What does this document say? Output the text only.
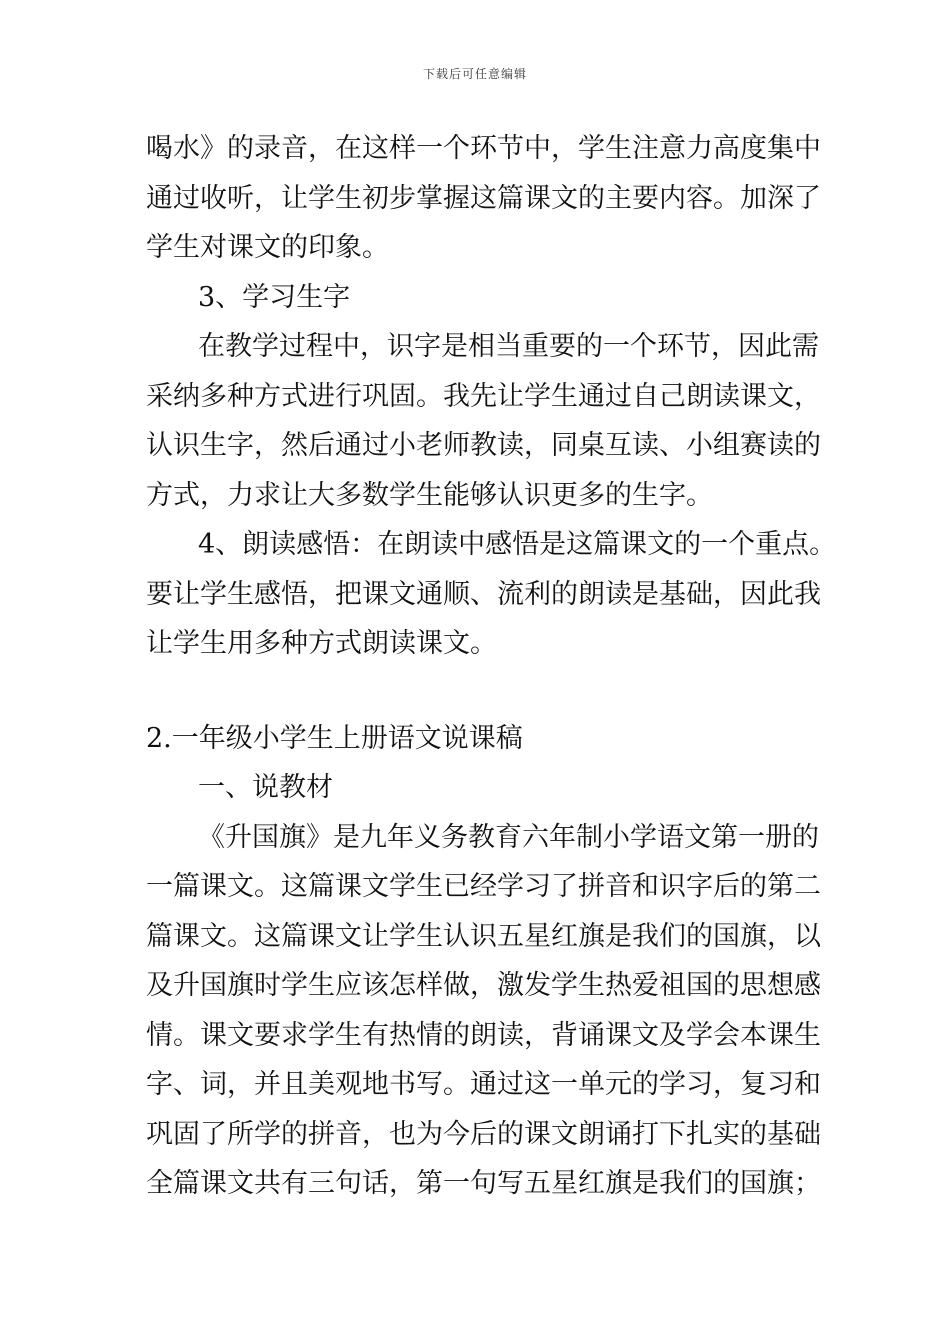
下载后可任意编辑
喝水》的录音，在这样一个环节中，学生注意力高度集中
通过收听，让学生初步掌握这篇课文的主要内容。加深了
学生对课文的印象。
3、学习生字
在教学过程中，识字是相当重要的一个环节，因此需
采纳多种方式进行巩固。我先让学生通过自己朗读课文，
认识生字，然后通过小老师教读，同桌互读、小组赛读的
方式，力求让大多数学生能够认识更多的生字。
4、朗读感悟：在朗读中感悟是这篇课文的一个重点。
要让学生感悟，把课文通顺、流利的朗读是基础，因此我
让学生用多种方式朗读课文。
2.一年级小学生上册语文说课稿
一、说教材
《升国旗》是九年义务教育六年制小学语文第一册的
一篇课文。这篇课文学生已经学习了拼音和识字后的第二
篇课文。这篇课文让学生认识五星红旗是我们的国旗，以
及升国旗时学生应该怎样做，激发学生热爱祖国的思想感
情。课文要求学生有热情的朗读，背诵课文及学会本课生
字、词，并且美观地书写。通过这一单元的学习，复习和
巩固了所学的拼音，也为今后的课文朗诵打下扎实的基础
全篇课文共有三句话，第一句写五星红旗是我们的国旗；
